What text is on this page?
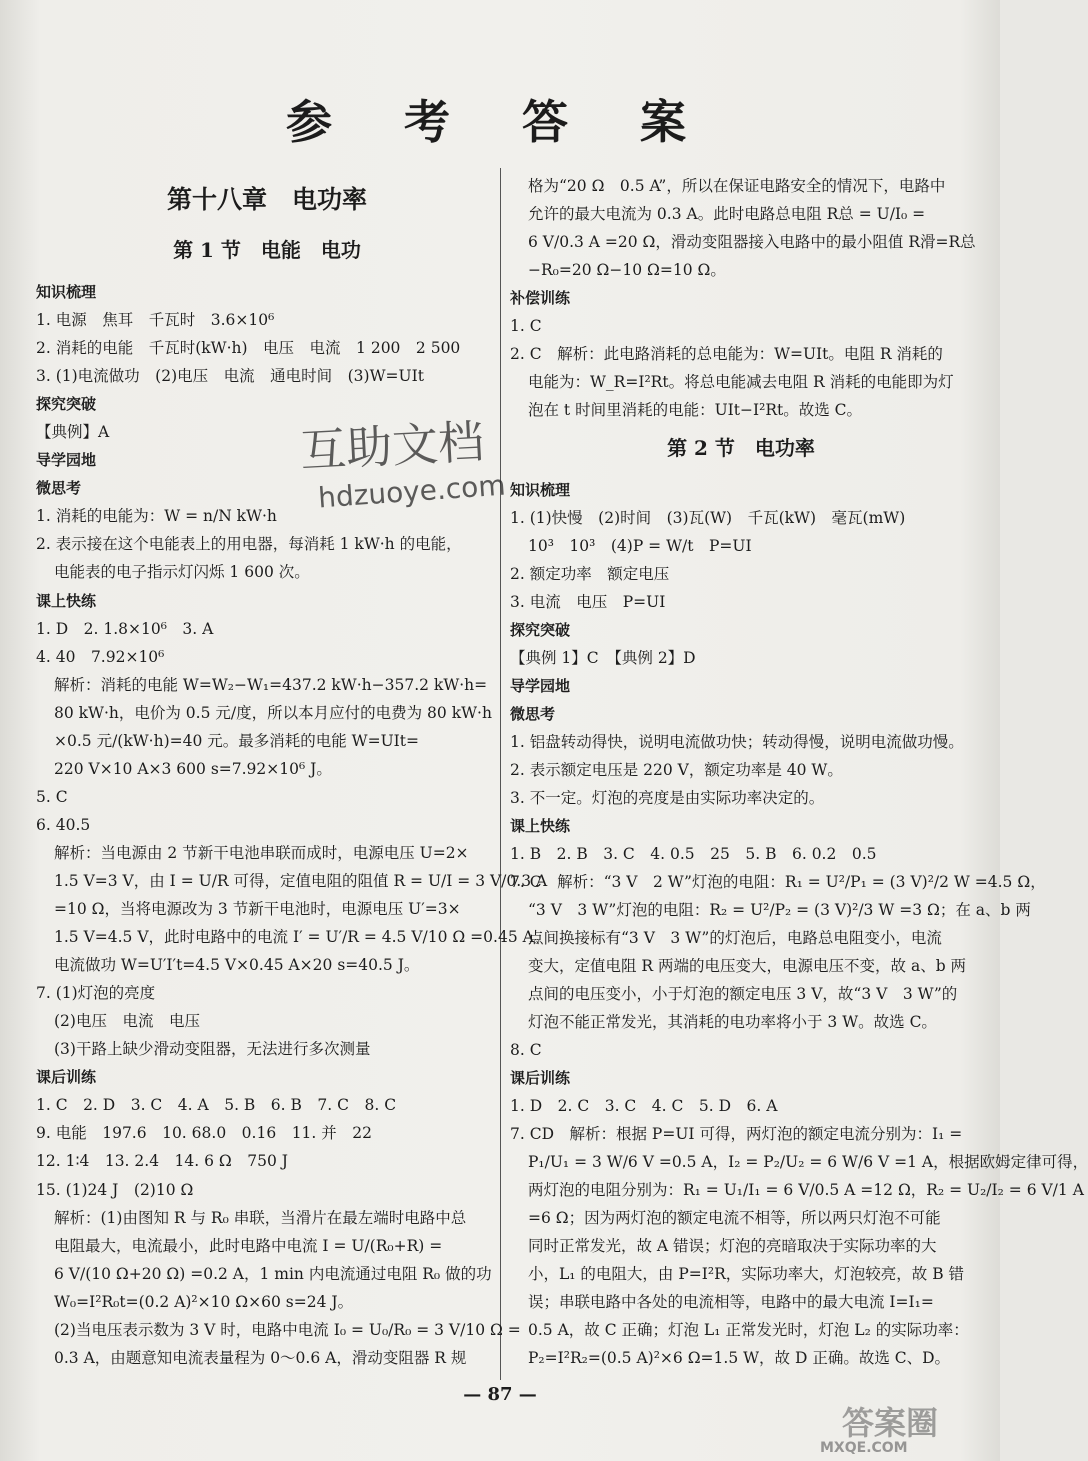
参 考 答 案
第十八章　电功率
第 1 节　电能　电功
知识梳理
1. 电源　焦耳　千瓦时　3.6×10⁶
2. 消耗的电能　千瓦时(kW·h)　电压　电流　1 200　2 500
3. (1)电流做功　(2)电压　电流　通电时间　(3)W=UIt
探究突破
【典例】A
导学园地
微思考
1. 消耗的电能为：W = n/N kW·h
2. 表示接在这个电能表上的用电器，每消耗 1 kW·h 的电能，
电能表的电子指示灯闪烁 1 600 次。
课上快练
1. D　2. 1.8×10⁶　3. A
4. 40　7.92×10⁶
解析：消耗的电能 W=W₂−W₁=437.2 kW·h−357.2 kW·h=
80 kW·h，电价为 0.5 元/度，所以本月应付的电费为 80 kW·h
×0.5 元/(kW·h)=40 元。最多消耗的电能 W=UIt=
220 V×10 A×3 600 s=7.92×10⁶ J。
5. C
6. 40.5
解析：当电源由 2 节新干电池串联而成时，电源电压 U=2×
1.5 V=3 V，由 I = U/R 可得，定值电阻的阻值 R = U/I = 3 V/0.3 A
=10 Ω，当将电源改为 3 节新干电池时，电源电压 U′=3×
1.5 V=4.5 V，此时电路中的电流 I′ = U′/R = 4.5 V/10 Ω =0.45 A。
电流做功 W=U′I′t=4.5 V×0.45 A×20 s=40.5 J。
7. (1)灯泡的亮度
(2)电压　电流　电压
(3)干路上缺少滑动变阻器，无法进行多次测量
课后训练
1. C　2. D　3. C　4. A　5. B　6. B　7. C　8. C
9. 电能　197.6　10. 68.0　0.16　11. 并　22
12. 1∶4　13. 2.4　14. 6 Ω　750 J
15. (1)24 J　(2)10 Ω
解析：(1)由图知 R 与 R₀ 串联，当滑片在最左端时电路中总
电阻最大，电流最小，此时电路中电流 I = U/(R₀+R) =
6 V/(10 Ω+20 Ω) =0.2 A，1 min 内电流通过电阻 R₀ 做的功
W₀=I²R₀t=(0.2 A)²×10 Ω×60 s=24 J。
(2)当电压表示数为 3 V 时，电路中电流 I₀ = U₀/R₀ = 3 V/10 Ω =
0.3 A，由题意知电流表量程为 0～0.6 A，滑动变阻器 R 规
格为“20 Ω　0.5 A”，所以在保证电路安全的情况下，电路中
允许的最大电流为 0.3 A。此时电路总电阻 R总 = U/I₀ =
6 V/0.3 A =20 Ω，滑动变阻器接入电路中的最小阻值 R滑=R总
−R₀=20 Ω−10 Ω=10 Ω。
补偿训练
1. C
2. C　解析：此电路消耗的总电能为：W=UIt。电阻 R 消耗的
电能为：W_R=I²Rt。将总电能减去电阻 R 消耗的电能即为灯
泡在 t 时间里消耗的电能：UIt−I²Rt。故选 C。
第 2 节　电功率
知识梳理
1. (1)快慢　(2)时间　(3)瓦(W)　千瓦(kW)　毫瓦(mW)
10³　10³　(4)P = W/t　P=UI
2. 额定功率　额定电压
3. 电流　电压　P=UI
探究突破
【典例 1】C　【典例 2】D
导学园地
微思考
1. 铝盘转动得快，说明电流做功快；转动得慢，说明电流做功慢。
2. 表示额定电压是 220 V，额定功率是 40 W。
3. 不一定。灯泡的亮度是由实际功率决定的。
课上快练
1. B　2. B　3. C　4. 0.5　25　5. B　6. 0.2　0.5
7. C　解析：“3 V　2 W”灯泡的电阻：R₁ = U²/P₁ = (3 V)²/2 W =4.5 Ω，
“3 V　3 W”灯泡的电阻：R₂ = U²/P₂ = (3 V)²/3 W =3 Ω；在 a、b 两
点间换接标有“3 V　3 W”的灯泡后，电路总电阻变小，电流
变大，定值电阻 R 两端的电压变大，电源电压不变，故 a、b 两
点间的电压变小，小于灯泡的额定电压 3 V，故“3 V　3 W”的
灯泡不能正常发光，其消耗的电功率将小于 3 W。故选 C。
8. C
课后训练
1. D　2. C　3. C　4. C　5. D　6. A
7. CD　解析：根据 P=UI 可得，两灯泡的额定电流分别为：I₁ =
P₁/U₁ = 3 W/6 V =0.5 A，I₂ = P₂/U₂ = 6 W/6 V =1 A，根据欧姆定律可得，
两灯泡的电阻分别为：R₁ = U₁/I₁ = 6 V/0.5 A =12 Ω，R₂ = U₂/I₂ = 6 V/1 A
=6 Ω；因为两灯泡的额定电流不相等，所以两只灯泡不可能
同时正常发光，故 A 错误；灯泡的亮暗取决于实际功率的大
小，L₁ 的电阻大，由 P=I²R，实际功率大，灯泡较亮，故 B 错
误；串联电路中各处的电流相等，电路中的最大电流 I=I₁=
0.5 A，故 C 正确；灯泡 L₁ 正常发光时，灯泡 L₂ 的实际功率：
P₂=I²R₂=(0.5 A)²×6 Ω=1.5 W，故 D 正确。故选 C、D。
— 87 —
互助文档
hdzuoye.com
答案圈
MXQE.COM
